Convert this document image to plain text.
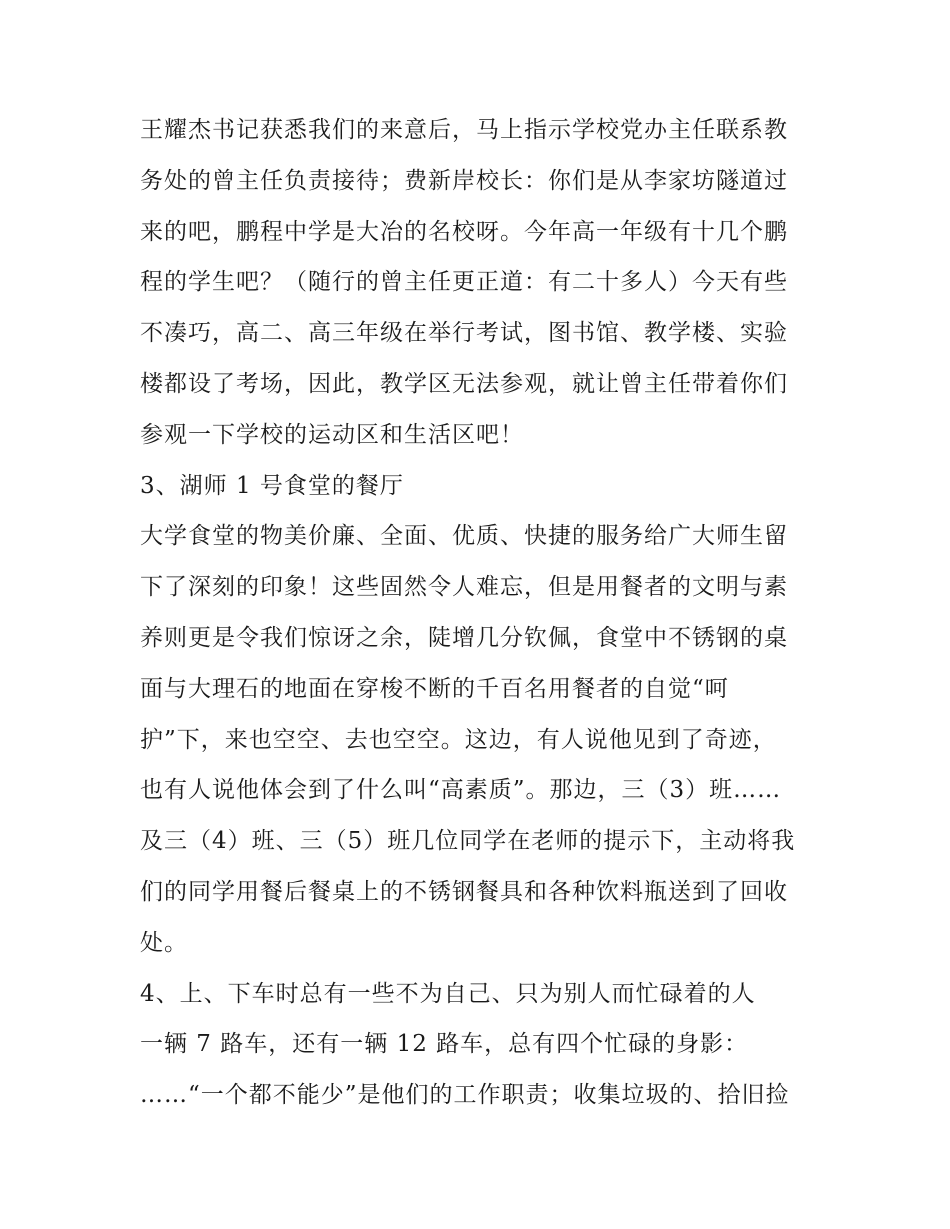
王耀杰书记获悉我们的来意后，马上指示学校党办主任联系教
务处的曾主任负责接待；费新岸校长：你们是从李家坊隧道过
来的吧，鹏程中学是大冶的名校呀。今年高一年级有十几个鹏
程的学生吧？（随行的曾主任更正道：有二十多人）今天有些
不凑巧，高二、高三年级在举行考试，图书馆、教学楼、实验
楼都设了考场，因此，教学区无法参观，就让曾主任带着你们
参观一下学校的运动区和生活区吧！
3、湖师 1 号食堂的餐厅
大学食堂的物美价廉、全面、优质、快捷的服务给广大师生留
下了深刻的印象！这些固然令人难忘，但是用餐者的文明与素
养则更是令我们惊讶之余，陡增几分钦佩，食堂中不锈钢的桌
面与大理石的地面在穿梭不断的千百名用餐者的自觉“呵
护”下，来也空空、去也空空。这边，有人说他见到了奇迹，
也有人说他体会到了什么叫“高素质”。那边，三（3）班……
及三（4）班、三（5）班几位同学在老师的提示下，主动将我
们的同学用餐后餐桌上的不锈钢餐具和各种饮料瓶送到了回收
处。
4、上、下车时总有一些不为自己、只为别人而忙碌着的人
一辆 7 路车，还有一辆 12 路车，总有四个忙碌的身影：
……“一个都不能少”是他们的工作职责；收集垃圾的、拾旧捡
